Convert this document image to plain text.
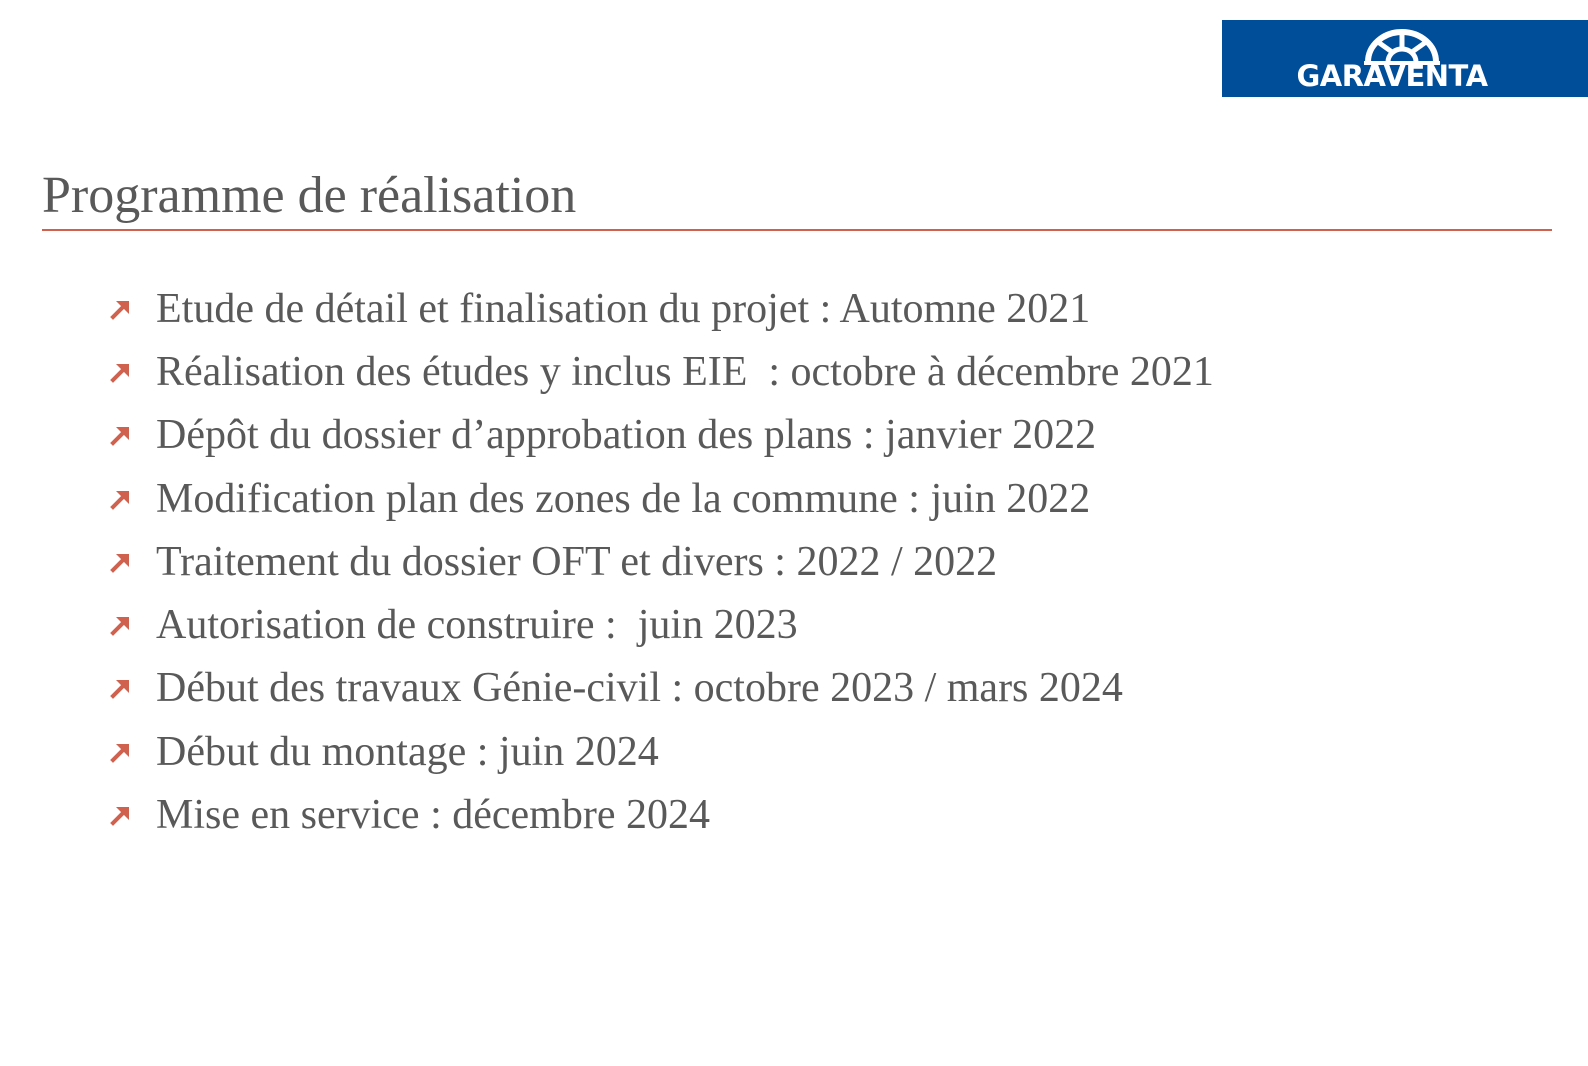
GARAVENTA
Programme de réalisation
Etude de détail et finalisation du projet : Automne 2021
Réalisation des études y inclus EIE  : octobre à décembre 2021
Dépôt du dossier d’approbation des plans : janvier 2022
Modification plan des zones de la commune : juin 2022
Traitement du dossier OFT et divers : 2022 / 2022
Autorisation de construire :  juin 2023
Début des travaux Génie-civil : octobre 2023 / mars 2024
Début du montage : juin 2024
Mise en service : décembre 2024
